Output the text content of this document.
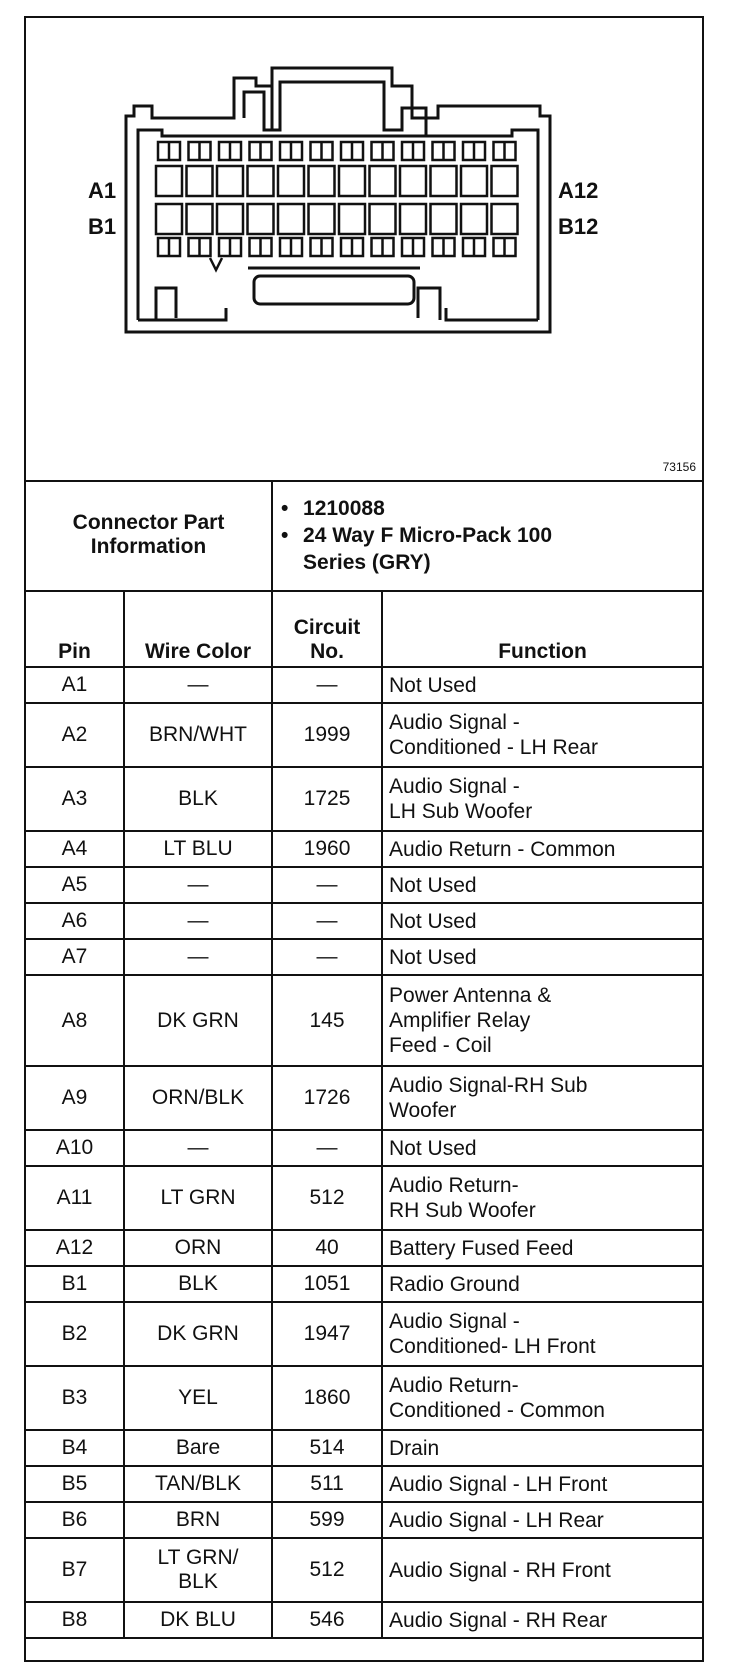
A1
B1
A12
B12
73156
Connector Part Information		• 1210088
• 24 Way F Micro-Pack 100
Series (GRY)	

Pin	Wire Color	Circuit
No.	Function
A1	—	—	Not Used
A2	BRN/WHT	1999	Audio Signal -
Conditioned - LH Rear
A3	BLK	1725	Audio Signal -
LH Sub Woofer
A4	LT BLU	1960	Audio Return - Common
A5	—	—	Not Used
A6	—	—	Not Used
A7	—	—	Not Used
A8	DK GRN	145	Power Antenna &
Amplifier Relay
Feed - Coil
A9	ORN/BLK	1726	Audio Signal-RH Sub
Woofer
A10	—	—	Not Used
A11	LT GRN	512	Audio Return-
RH Sub Woofer
A12	ORN	40	Battery Fused Feed
B1	BLK	1051	Radio Ground
B2	DK GRN	1947	Audio Signal -
Conditioned- LH Front
B3	YEL	1860	Audio Return-
Conditioned - Common
B4	Bare	514	Drain
B5	TAN/BLK	511	Audio Signal - LH Front
B6	BRN	599	Audio Signal - LH Rear
B7	LT GRN/
BLK	512	Audio Signal - RH Front
B8	DK BLU	546	Audio Signal - RH Rear
